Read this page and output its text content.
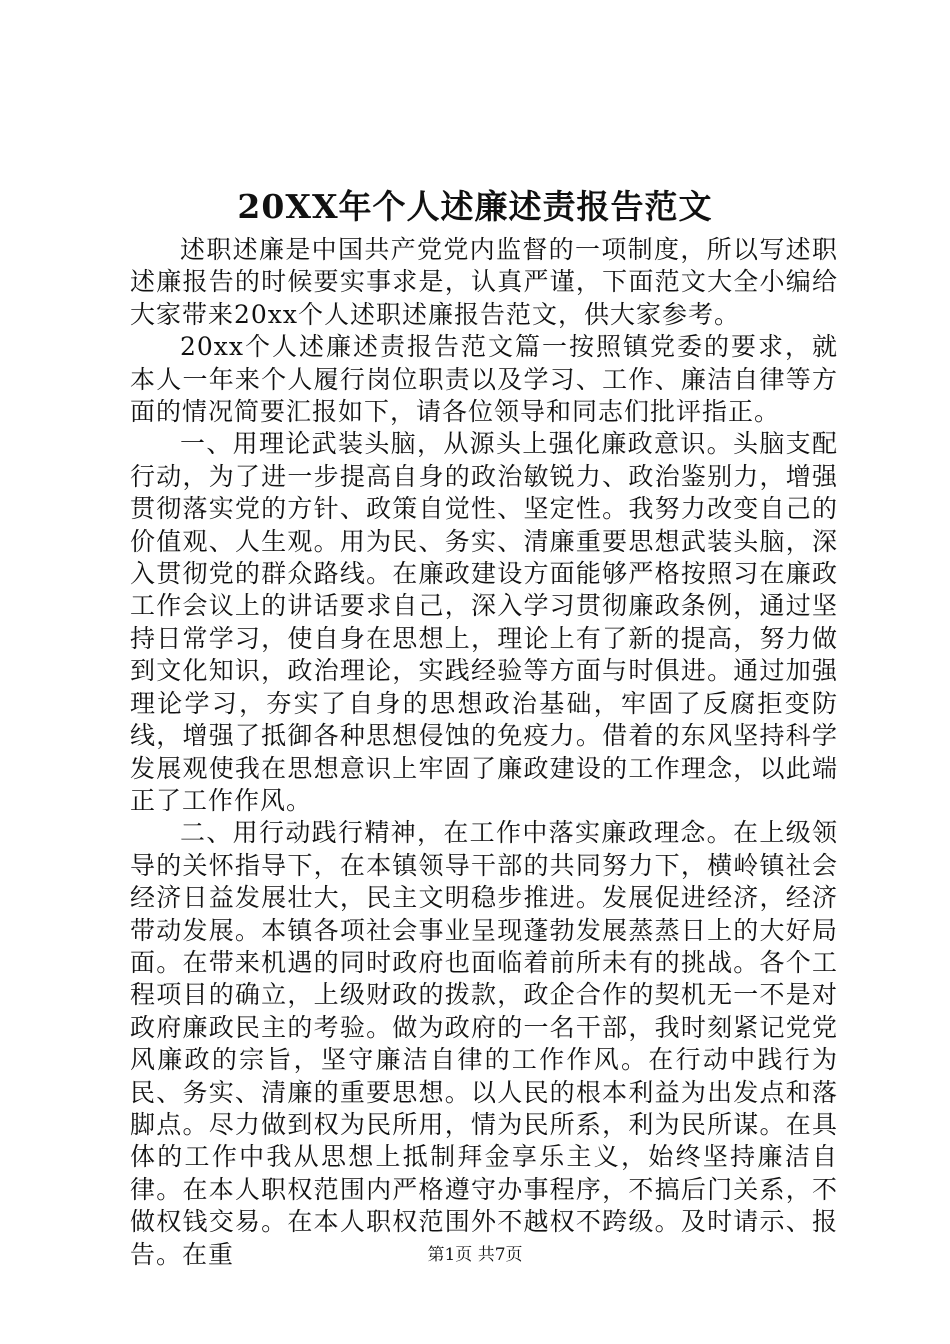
20XX年个人述廉述责报告范文

述职述廉是中国共产党党内监督的一项制度，所以写述职述廉报告的时候要实事求是，认真严谨，下面范文大全小编给大家带来20xx个人述职述廉报告范文，供大家参考。

20xx个人述廉述责报告范文篇一按照镇党委的要求，就本人一年来个人履行岗位职责以及学习、工作、廉洁自律等方面的情况简要汇报如下，请各位领导和同志们批评指正。

一、用理论武装头脑，从源头上强化廉政意识。头脑支配行动，为了进一步提高自身的政治敏锐力、政治鉴别力，增强贯彻落实党的方针、政策自觉性、坚定性。我努力改变自己的价值观、人生观。用为民、务实、清廉重要思想武装头脑，深入贯彻党的群众路线。在廉政建设方面能够严格按照习在廉政工作会议上的讲话要求自己，深入学习贯彻廉政条例，通过坚持日常学习，使自身在思想上，理论上有了新的提高，努力做到文化知识，政治理论，实践经验等方面与时俱进。通过加强理论学习，夯实了自身的思想政治基础，牢固了反腐拒变防线，增强了抵御各种思想侵蚀的免疫力。借着的东风坚持科学发展观使我在思想意识上牢固了廉政建设的工作理念，以此端正了工作作风。

二、用行动践行精神，在工作中落实廉政理念。在上级领导的关怀指导下，在本镇领导干部的共同努力下，横岭镇社会经济日益发展壮大，民主文明稳步推进。发展促进经济，经济带动发展。本镇各项社会事业呈现蓬勃发展蒸蒸日上的大好局面。在带来机遇的同时政府也面临着前所未有的挑战。各个工程项目的确立，上级财政的拨款，政企合作的契机无一不是对政府廉政民主的考验。做为政府的一名干部，我时刻紧记党党风廉政的宗旨，坚守廉洁自律的工作作风。在行动中践行为民、务实、清廉的重要思想。以人民的根本利益为出发点和落脚点。尽力做到权为民所用，情为民所系，利为民所谋。在具体的工作中我从思想上抵制拜金享乐主义，始终坚持廉洁自律。在本人职权范围内严格遵守办事程序，不搞后门关系，不做权钱交易。在本人职权范围外不越权不跨级。及时请示、报告。在重	第1页 共7页
